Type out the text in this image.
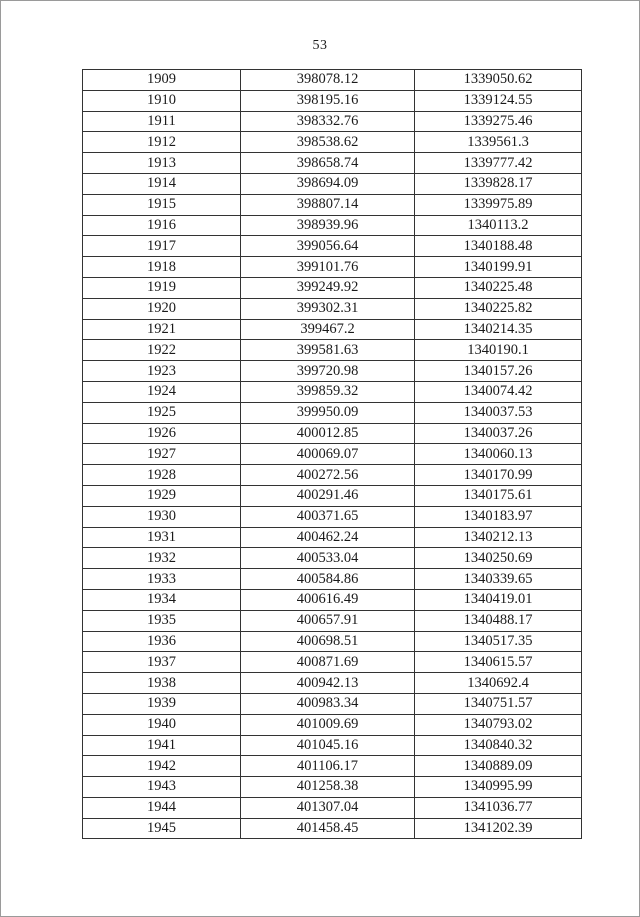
53
1909	398078.12	1339050.62
1910	398195.16	1339124.55
1911	398332.76	1339275.46
1912	398538.62	1339561.3
1913	398658.74	1339777.42
1914	398694.09	1339828.17
1915	398807.14	1339975.89
1916	398939.96	1340113.2
1917	399056.64	1340188.48
1918	399101.76	1340199.91
1919	399249.92	1340225.48
1920	399302.31	1340225.82
1921	399467.2	1340214.35
1922	399581.63	1340190.1
1923	399720.98	1340157.26
1924	399859.32	1340074.42
1925	399950.09	1340037.53
1926	400012.85	1340037.26
1927	400069.07	1340060.13
1928	400272.56	1340170.99
1929	400291.46	1340175.61
1930	400371.65	1340183.97
1931	400462.24	1340212.13
1932	400533.04	1340250.69
1933	400584.86	1340339.65
1934	400616.49	1340419.01
1935	400657.91	1340488.17
1936	400698.51	1340517.35
1937	400871.69	1340615.57
1938	400942.13	1340692.4
1939	400983.34	1340751.57
1940	401009.69	1340793.02
1941	401045.16	1340840.32
1942	401106.17	1340889.09
1943	401258.38	1340995.99
1944	401307.04	1341036.77
1945	401458.45	1341202.39
